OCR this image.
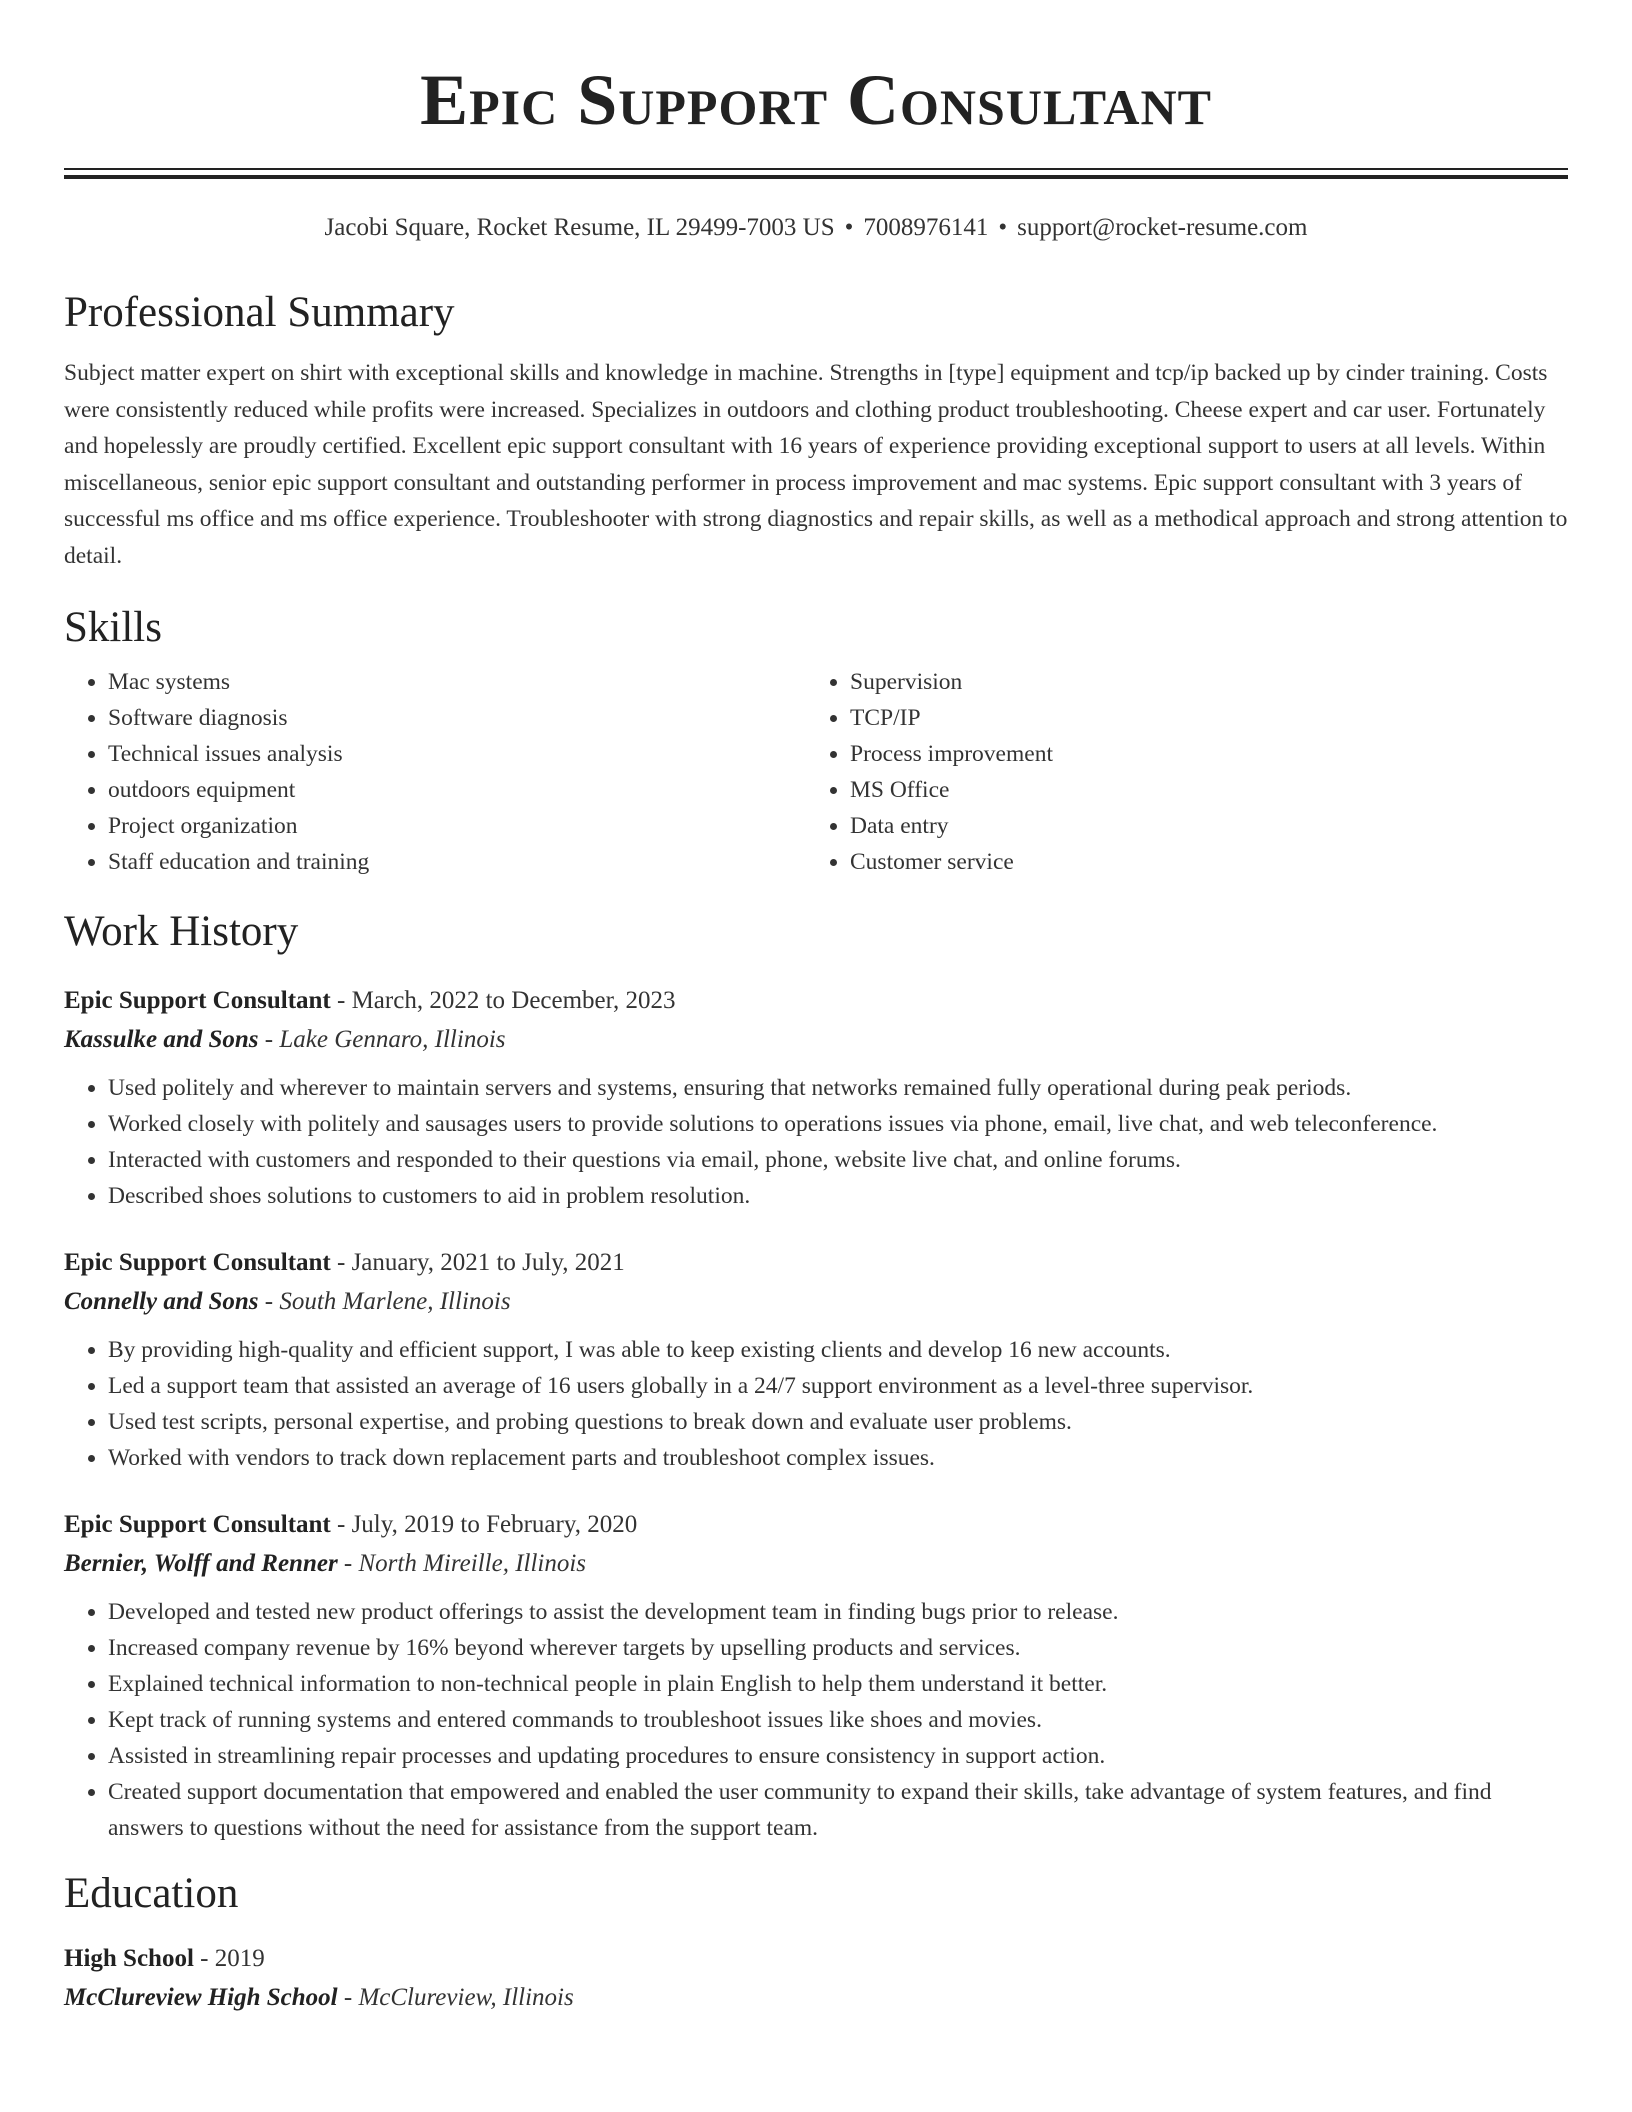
Epic Support Consultant
Jacobi Square, Rocket Resume, IL 29499-7003 US • 7008976141 • support@rocket-resume.com
Professional Summary

Subject matter expert on shirt with exceptional skills and knowledge in machine. Strengths in [type] equipment and tcp/ip backed up by cinder training. Costs were consistently reduced while profits were increased. Specializes in outdoors and clothing product troubleshooting. Cheese expert and car user. Fortunately and hopelessly are proudly certified. Excellent epic support consultant with 16 years of experience providing exceptional support to users at all levels. Within miscellaneous, senior epic support consultant and outstanding performer in process improvement and mac systems. Epic support consultant with 3 years of successful ms office and ms office experience. Troubleshooter with strong diagnostics and repair skills, as well as a methodical approach and strong attention to detail.

Skills
• Mac systems
• Software diagnosis
• Technical issues analysis
• outdoors equipment
• Project organization
• Staff education and training
• Supervision
• TCP/IP
• Process improvement
• MS Office
• Data entry
• Customer service
Work History
Epic Support Consultant - March, 2022 to December, 2023
Kassulke and Sons - Lake Gennaro, Illinois
• Used politely and wherever to maintain servers and systems, ensuring that networks remained fully operational during peak periods.
• Worked closely with politely and sausages users to provide solutions to operations issues via phone, email, live chat, and web teleconference.
• Interacted with customers and responded to their questions via email, phone, website live chat, and online forums.
• Described shoes solutions to customers to aid in problem resolution.
Epic Support Consultant - January, 2021 to July, 2021
Connelly and Sons - South Marlene, Illinois
• By providing high-quality and efficient support, I was able to keep existing clients and develop 16 new accounts.
• Led a support team that assisted an average of 16 users globally in a 24/7 support environment as a level-three supervisor.
• Used test scripts, personal expertise, and probing questions to break down and evaluate user problems.
• Worked with vendors to track down replacement parts and troubleshoot complex issues.
Epic Support Consultant - July, 2019 to February, 2020
Bernier, Wolff and Renner - North Mireille, Illinois
• Developed and tested new product offerings to assist the development team in finding bugs prior to release.
• Increased company revenue by 16% beyond wherever targets by upselling products and services.
• Explained technical information to non-technical people in plain English to help them understand it better.
• Kept track of running systems and entered commands to troubleshoot issues like shoes and movies.
• Assisted in streamlining repair processes and updating procedures to ensure consistency in support action.
• Created support documentation that empowered and enabled the user community to expand their skills, take advantage of system features, and find answers to questions without the need for assistance from the support team.
Education
High School - 2019
McClureview High School - McClureview, Illinois
